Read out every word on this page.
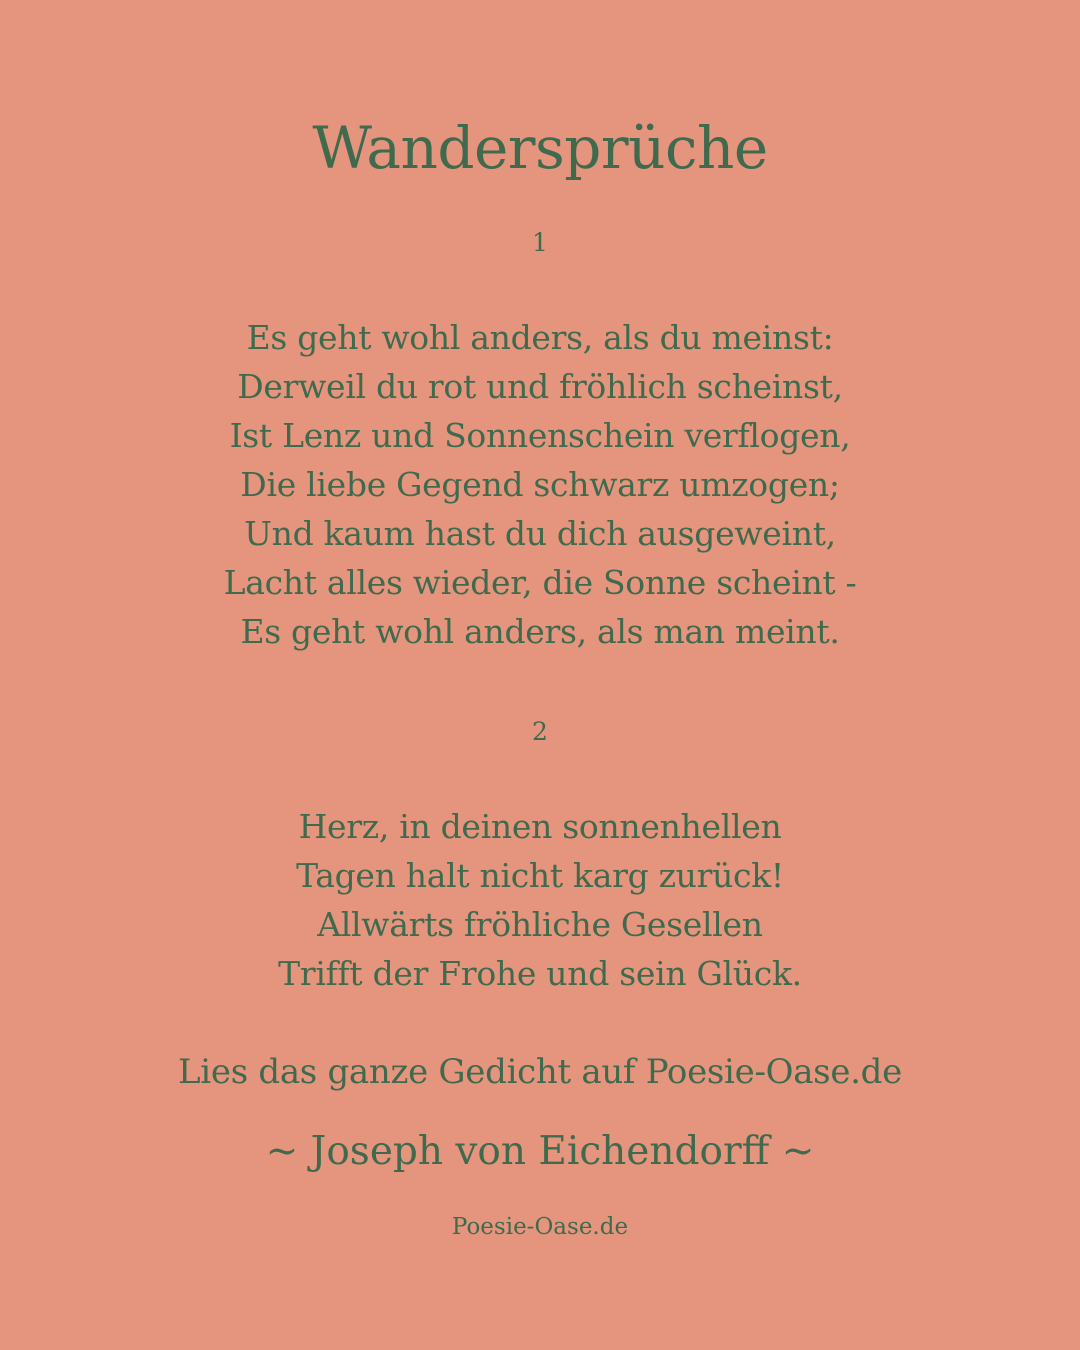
Wandersprüche

1

Es geht wohl anders, als du meinst:
Derweil du rot und fröhlich scheinst,
Ist Lenz und Sonnenschein verflogen,
Die liebe Gegend schwarz umzogen;
Und kaum hast du dich ausgeweint,
Lacht alles wieder, die Sonne scheint -
Es geht wohl anders, als man meint.

2

Herz, in deinen sonnenhellen
Tagen halt nicht karg zurück!
Allwärts fröhliche Gesellen
Trifft der Frohe und sein Glück.

Lies das ganze Gedicht auf Poesie-Oase.de

~ Joseph von Eichendorff ~

Poesie-Oase.de
